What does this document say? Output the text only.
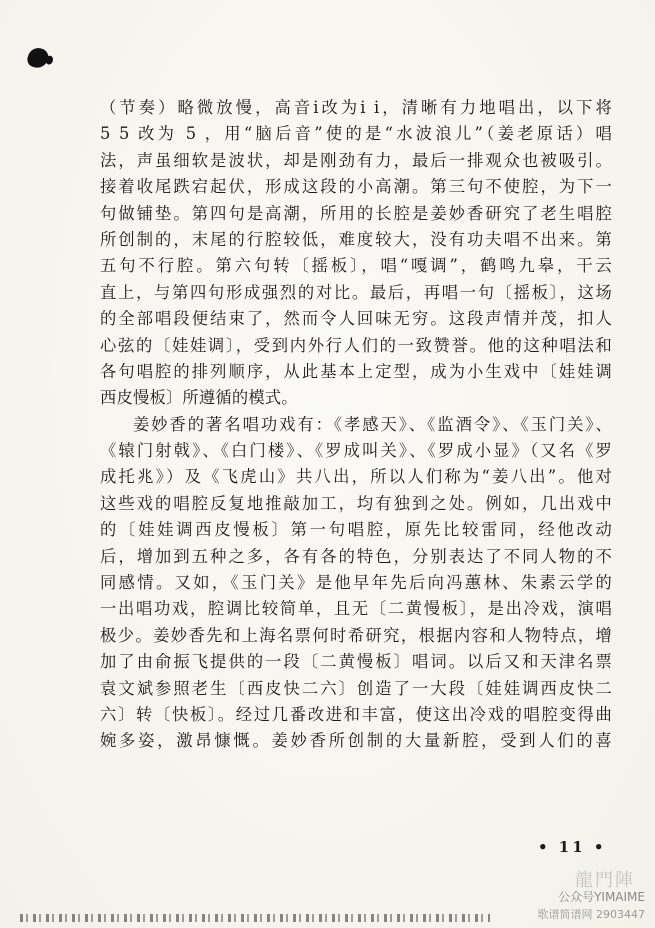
（节奏）略微放慢，高音i改为i i，清晰有力地唱出，以下将
5 5 改为 5 ，用“脑后音”使的是“水波浪儿”（姜老原话）唱
法，声虽细软是波状，却是刚劲有力，最后一排观众也被吸引。
接着收尾跌宕起伏，形成这段的小高潮。第三句不使腔，为下一
句做铺垫。第四句是高潮，所用的长腔是姜妙香研究了老生唱腔
所创制的，末尾的行腔较低，难度较大，没有功夫唱不出来。第
五句不行腔。第六句转〔摇板〕，唱“嘎调”，鹤鸣九皋，干云
直上，与第四句形成强烈的对比。最后，再唱一句〔摇板〕，这场
的全部唱段便结束了，然而令人回味无穷。这段声情并茂，扣人
心弦的〔娃娃调〕，受到内外行人们的一致赞誉。他的这种唱法和
各句唱腔的排列顺序，从此基本上定型，成为小生戏中〔娃娃调
西皮慢板〕所遵循的模式。
姜妙香的著名唱功戏有：《孝感天》、《监酒令》、《玉门关》、
《辕门射戟》、《白门楼》、《罗成叫关》、《罗成小显》（又名《罗
成托兆》）及《飞虎山》共八出，所以人们称为“姜八出”。他对
这些戏的唱腔反复地推敲加工，均有独到之处。例如，几出戏中
的〔娃娃调西皮慢板〕第一句唱腔，原先比较雷同，经他改动
后，增加到五种之多，各有各的特色，分别表达了不同人物的不
同感情。又如，《玉门关》是他早年先后向冯蕙林、朱素云学的
一出唱功戏，腔调比较简单，且无〔二黄慢板〕，是出冷戏，演唱
极少。姜妙香先和上海名票何时希研究，根据内容和人物特点，增
加了由俞振飞提供的一段〔二黄慢板〕唱词。以后又和天津名票
袁文斌参照老生〔西皮快二六〕创造了一大段〔娃娃调西皮快二
六〕转〔快板〕。经过几番改进和丰富，使这出冷戏的唱腔变得曲
婉多姿，激昂慷慨。姜妙香所创制的大量新腔，受到人们的喜
• 11 •
龍門陣
公众号YIMAIME
歌谱简谱网 2903447
